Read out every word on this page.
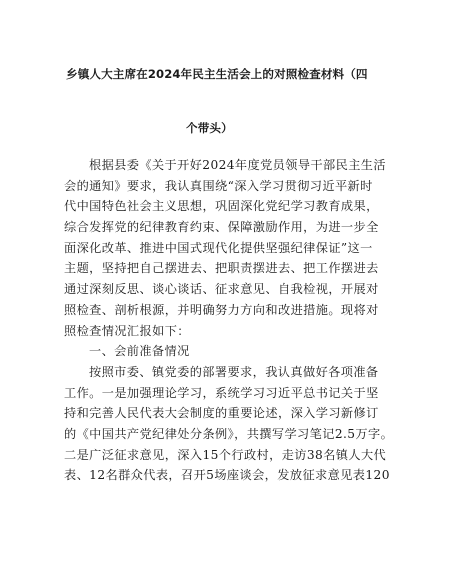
乡镇人大主席在2024年民主生活会上的对照检查材料（四
个带头）
根据县委《关于开好2024年度党员领导干部民主生活
会的通知》要求，我认真围绕“深入学习贯彻习近平新时
代中国特色社会主义思想，巩固深化党纪学习教育成果，
综合发挥党的纪律教育约束、保障激励作用，为进一步全
面深化改革、推进中国式现代化提供坚强纪律保证”这一
主题，坚持把自己摆进去、把职责摆进去、把工作摆进去
通过深刻反思、谈心谈话、征求意见、自我检视，开展对
照检查、剖析根源，并明确努力方向和改进措施。现将对
照检查情况汇报如下：
一、会前准备情况
按照市委、镇党委的部署要求，我认真做好各项准备
工作。一是加强理论学习，系统学习习近平总书记关于坚
持和完善人民代表大会制度的重要论述，深入学习新修订
的《中国共产党纪律处分条例》，共撰写学习笔记2.5万字。
二是广泛征求意见，深入15个行政村，走访38名镇人大代
表、12名群众代表，召开5场座谈会，发放征求意见表120
